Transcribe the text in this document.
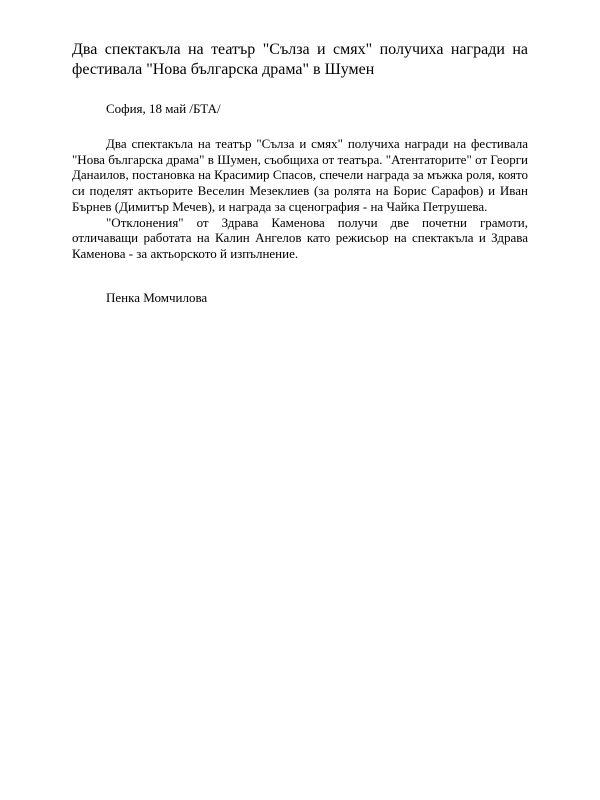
Два спектакъла на театър "Сълза и смях" получиха награди на фестивала "Нова българска драма" в Шумен

София, 18 май /БТА/

Два спектакъла на театър "Сълза и смях" получиха награди на фестивала "Нова българска драма" в Шумен, съобщиха от театъра. "Атентаторите" от Георги Данаилов, постановка на Красимир Спасов, спечели награда за мъжка роля, която си поделят актьорите Веселин Мезеклиев (за ролята на Борис Сарафов) и Иван Бърнев (Димитър Мечев), и награда за сценография - на Чайка Петрушева.

"Отклонения" от Здрава Каменова получи две почетни грамоти, отличаващи работата на Калин Ангелов като режисьор на спектакъла и Здрава Каменова - за актьорското й изпълнение.

Пенка Момчилова
